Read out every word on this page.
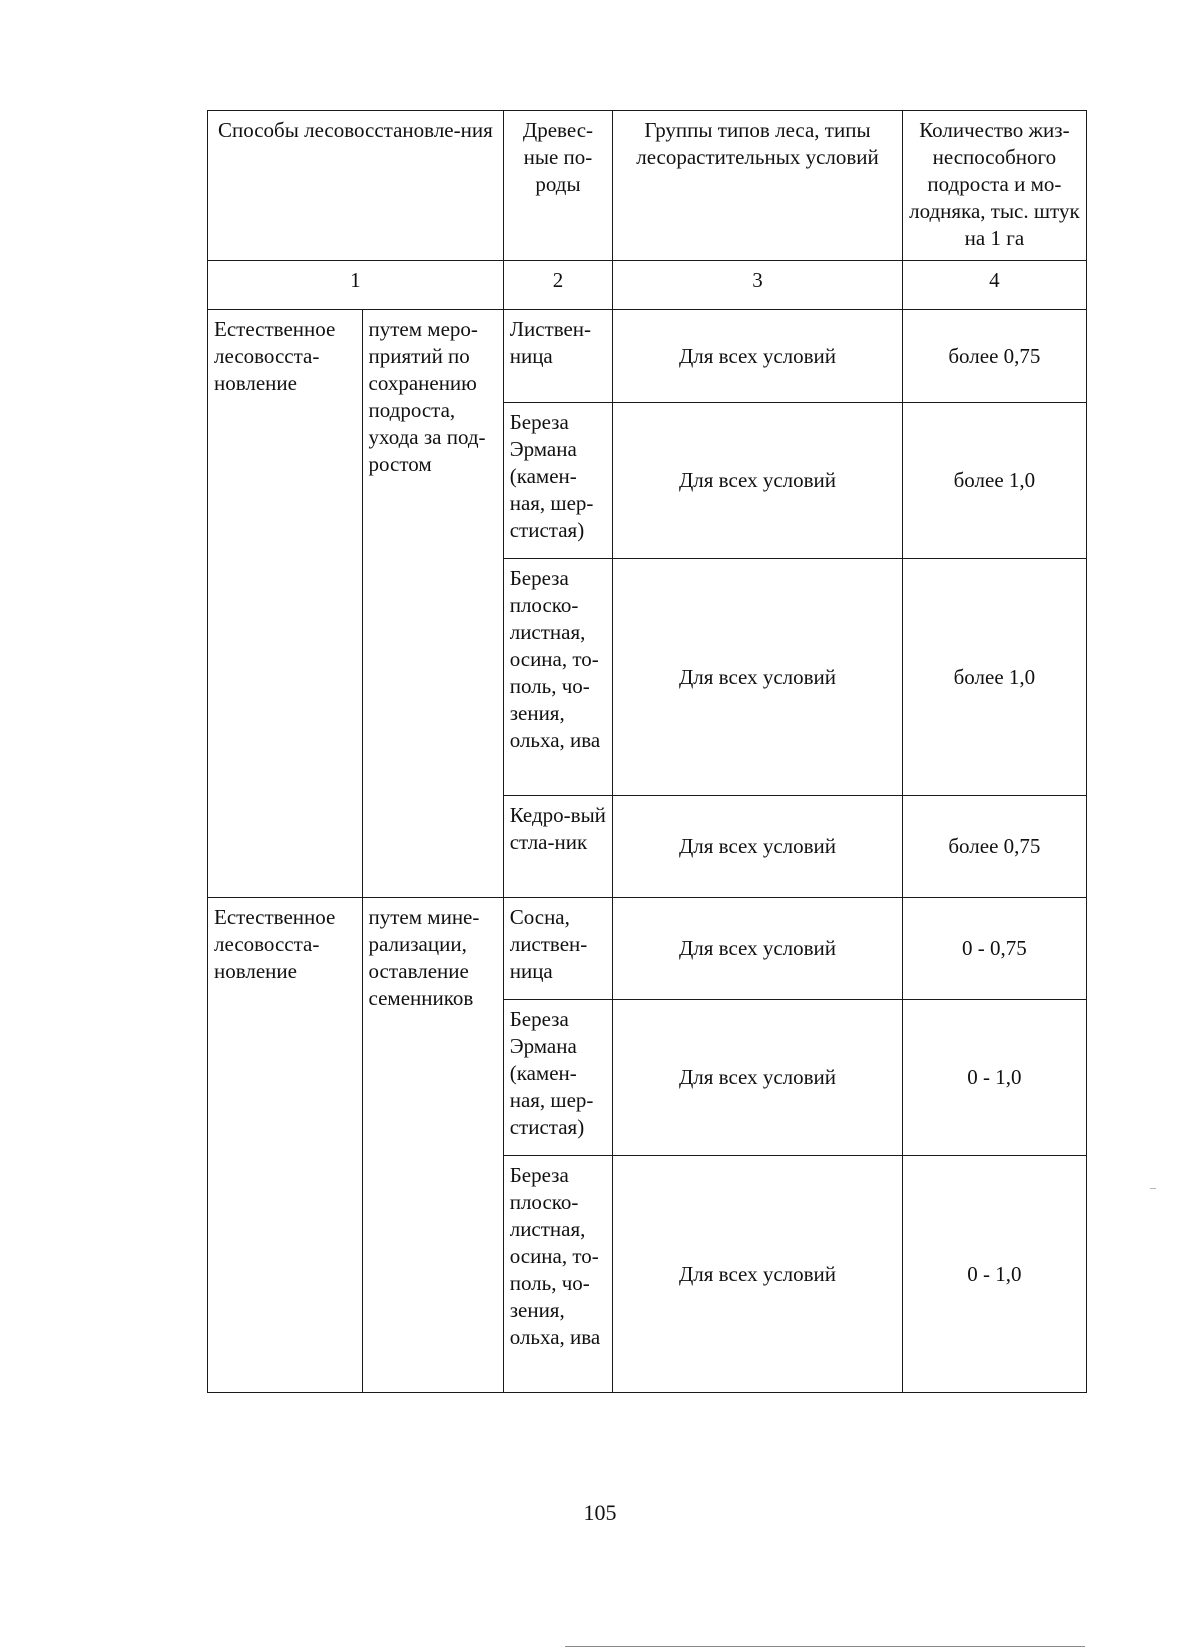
Способы лесовосстановле-ния		Древес-ные по-роды	Группы типов леса, типы лесорастительных условий	Количество жиз-неспособного подроста и мо-лодняка, тыс. штук на 1 га
1		2	3	4
Естественное лесовосста-новление	путем меро-приятий по сохранению подроста, ухода за под-ростом	Листвен-ница	Для всех условий	более 0,75
		Береза Эрмана (камен-ная, шер-стистая)	Для всех условий	более 1,0
		Береза плоско-листная, осина, то-поль, чо-зения, ольха, ива	Для всех условий	более 1,0
		Кедро-вый стла-ник	Для всех условий	более 0,75
Естественное лесовосста-новление	путем мине-рализации, оставление семенников	Сосна, листвен-ница	Для всех условий	0 - 0,75
		Береза Эрмана (камен-ная, шер-стистая)	Для всех условий	0 - 1,0
		Береза плоско-листная, осина, то-поль, чо-зения, ольха, ива	Для всех условий	0 - 1,0
105
